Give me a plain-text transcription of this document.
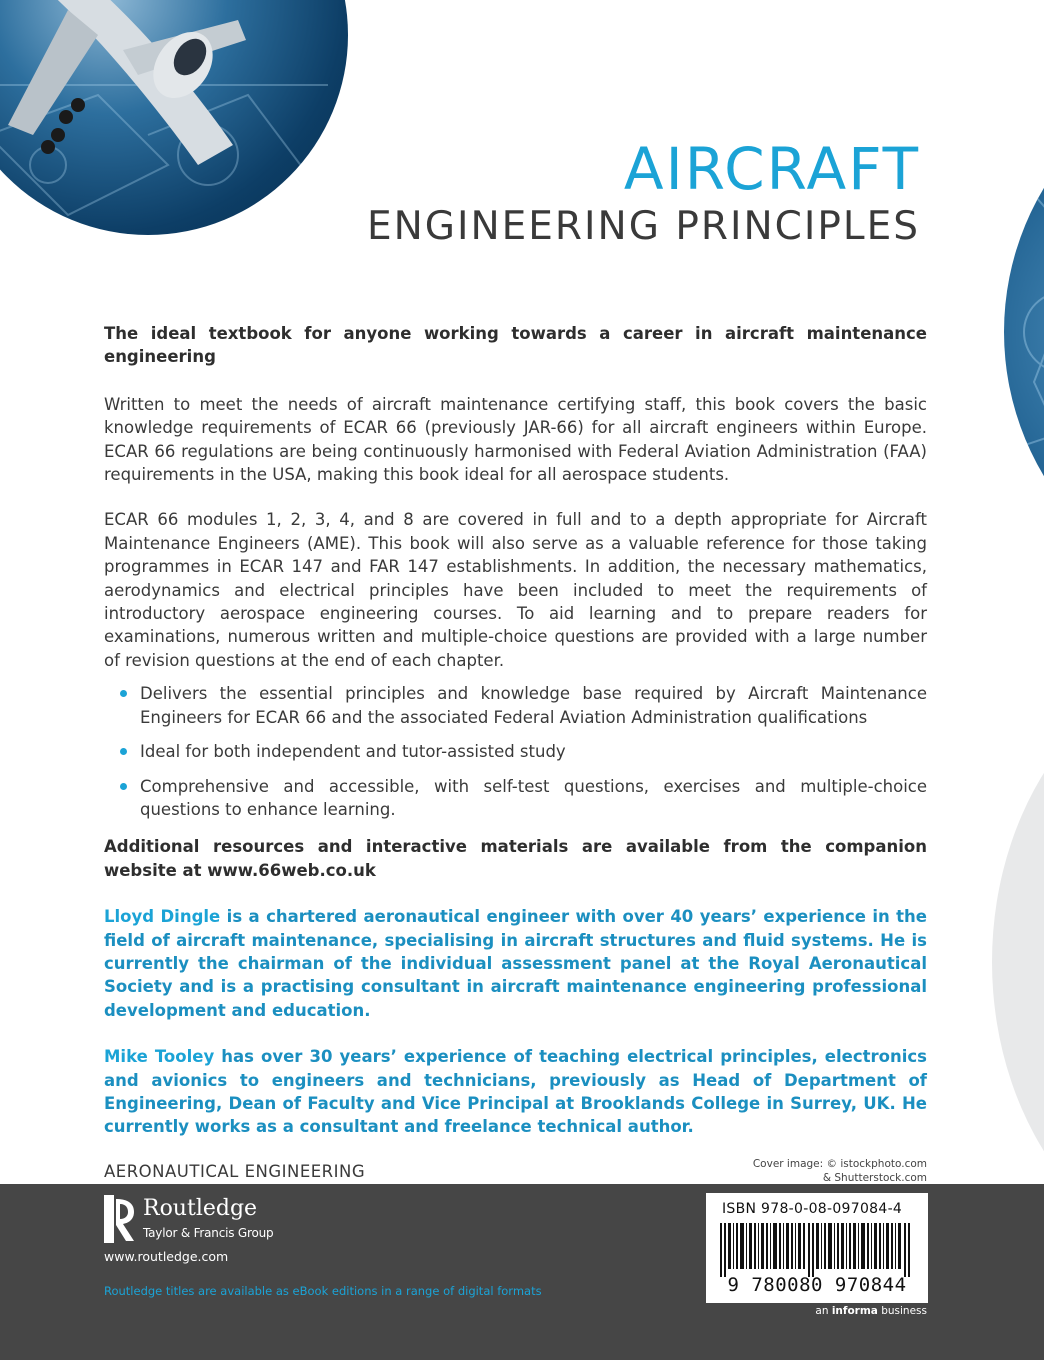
AIRCRAFT
ENGINEERING PRINCIPLES

The ideal textbook for anyone working towards a career in aircraft maintenance engineering

Written to meet the needs of aircraft maintenance certifying staff, this book covers the basic knowledge requirements of ECAR 66 (previously JAR-66) for all aircraft engineers within Europe. ECAR 66 regulations are being continuously harmonised with Federal Aviation Administration (FAA) requirements in the USA, making this book ideal for all aerospace students.

ECAR 66 modules 1, 2, 3, 4, and 8 are covered in full and to a depth appropriate for Aircraft Maintenance Engineers (AME). This book will also serve as a valuable reference for those taking programmes in ECAR 147 and FAR 147 establishments. In addition, the necessary mathematics, aerodynamics and electrical principles have been included to meet the requirements of introductory aerospace engineering courses. To aid learning and to prepare readers for examinations, numerous written and multiple-choice questions are provided with a large number of revision questions at the end of each chapter.

Delivers the essential principles and knowledge base required by Aircraft Maintenance Engineers for ECAR 66 and the associated Federal Aviation Administration qualifications
Ideal for both independent and tutor-assisted study
Comprehensive and accessible, with self-test questions, exercises and multiple-choice questions to enhance learning.

Additional resources and interactive materials are available from the companion website at www.66web.co.uk

Lloyd Dingle is a chartered aeronautical engineer with over 40 years’ experience in the field of aircraft maintenance, specialising in aircraft structures and fluid systems. He is currently the chairman of the individual assessment panel at the Royal Aeronautical Society and is a practising consultant in aircraft maintenance engineering professional development and education.

Mike Tooley has over 30 years’ experience of teaching electrical principles, electronics and avionics to engineers and technicians, previously as Head of Department of Engineering, Dean of Faculty and Vice Principal at Brooklands College in Surrey, UK. He currently works as a consultant and freelance technical author.

AERONAUTICAL ENGINEERING	Cover image: © istockphoto.com
& Shutterstock.com
Routledge
Taylor & Francis Group
www.routledge.com
Routledge titles are available as eBook editions in a range of digital formats
ISBN 978-0-08-097084-4
9 780080 970844
an informa business
